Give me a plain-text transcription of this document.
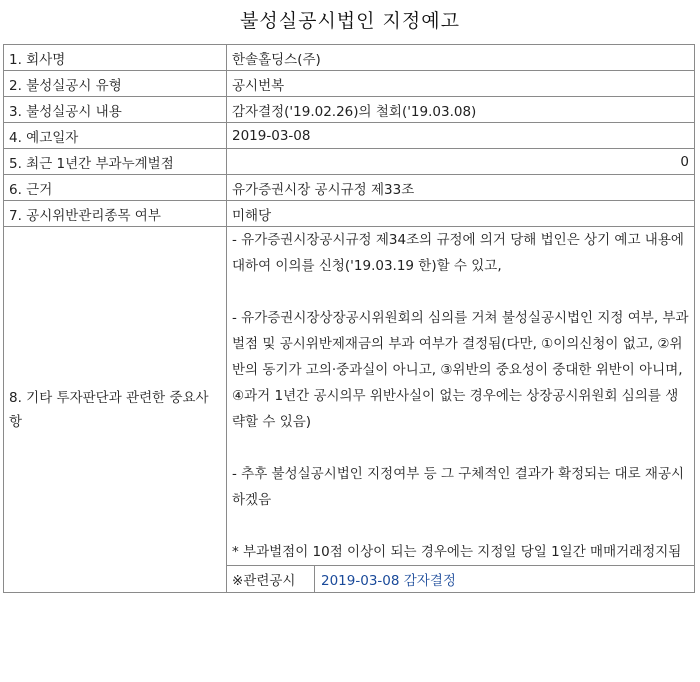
불성실공시법인 지정예고
1. 회사명	한솔홀딩스(주)
2. 불성실공시 유형	공시번복
3. 불성실공시 내용	감자결정('19.02.26)의 철회('19.03.08)
4. 예고일자	2019-03-08
5. 최근 1년간 부과누계벌점	0
6. 근거	유가증권시장 공시규정 제33조
7. 공시위반관리종목 여부	미해당
8. 기타 투자판단과 관련한 중요사항	

- 유가증권시장공시규정 제34조의 규정에 의거 당해 법인은 상기 예고 내용에 대하여 이의를 신청('19.03.19 한)할 수 있고,

- 유가증권시장상장공시위원회의 심의를 거쳐 불성실공시법인 지정 여부, 부과벌점 및 공시위반제재금의 부과 여부가 결정됨(다만, ①이의신청이 없고, ②위반의 동기가 고의·중과실이 아니고, ③위반의 중요성이 중대한 위반이 아니며, ④과거 1년간 공시의무 위반사실이 없는 경우에는 상장공시위원회 심의를 생략할 수 있음)

- 추후 불성실공시법인 지정여부 등 그 구체적인 결과가 확정되는 대로 재공시하겠음

* 부과벌점이 10점 이상이 되는 경우에는 지정일 당일 1일간 매매거래정지됨

※관련공시	2019-03-08 감자결정
